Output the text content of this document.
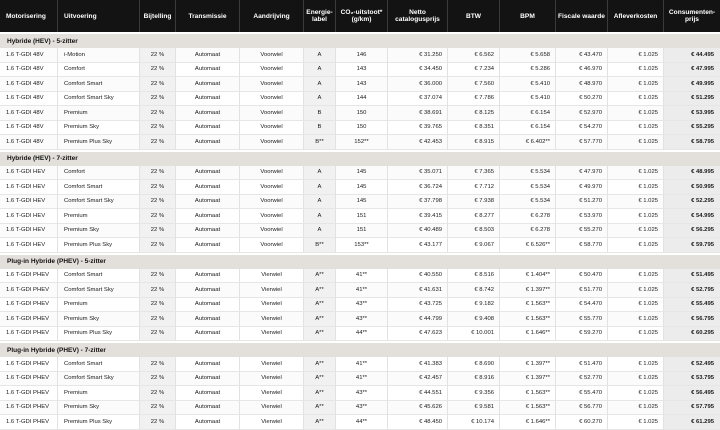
Motorisering	Uitvoering	Bijtelling	Transmissie	Aandrijving	Energie-label	CO₂-uitstoot* (g/km)	Netto catalogusprijs	BTW	BPM	Fiscale waarde	Afleverkosten	Consumenten-prijs
Hybride (HEV) - 5-zitter												
1.6 T-GDI 48V	i-Motion	22 %	Automaat	Voorwiel	A	146	€ 31.250	€ 6.562	€ 5.658	€ 43.470	€ 1.025	€ 44.495
1.6 T-GDI 48V	Comfort	22 %	Automaat	Voorwiel	A	143	€ 34.450	€ 7.234	€ 5.286	€ 46.970	€ 1.025	€ 47.995
1.6 T-GDI 48V	Comfort Smart	22 %	Automaat	Voorwiel	A	143	€ 36.000	€ 7.560	€ 5.410	€ 48.970	€ 1.025	€ 49.995
1.6 T-GDI 48V	Comfort Smart Sky	22 %	Automaat	Voorwiel	A	144	€ 37.074	€ 7.786	€ 5.410	€ 50.270	€ 1.025	€ 51.295
1.6 T-GDI 48V	Premium	22 %	Automaat	Voorwiel	B	150	€ 38.691	€ 8.125	€ 6.154	€ 52.970	€ 1.025	€ 53.995
1.6 T-GDI 48V	Premium Sky	22 %	Automaat	Voorwiel	B	150	€ 39.765	€ 8.351	€ 6.154	€ 54.270	€ 1.025	€ 55.295
1.6 T-GDI 48V	Premium Plus Sky	22 %	Automaat	Voorwiel	B**	152**	€ 42.453	€ 8.915	€ 6.402**	€ 57.770	€ 1.025	€ 58.795
Hybride (HEV) - 7-zitter												
1.6 T-GDI HEV	Comfort	22 %	Automaat	Voorwiel	A	145	€ 35.071	€ 7.365	€ 5.534	€ 47.970	€ 1.025	€ 48.995
1.6 T-GDI HEV	Comfort Smart	22 %	Automaat	Voorwiel	A	145	€ 36.724	€ 7.712	€ 5.534	€ 49.970	€ 1.025	€ 50.995
1.6 T-GDI HEV	Comfort Smart Sky	22 %	Automaat	Voorwiel	A	145	€ 37.798	€ 7.938	€ 5.534	€ 51.270	€ 1.025	€ 52.295
1.6 T-GDI HEV	Premium	22 %	Automaat	Voorwiel	A	151	€ 39.415	€ 8.277	€ 6.278	€ 53.970	€ 1.025	€ 54.995
1.6 T-GDI HEV	Premium Sky	22 %	Automaat	Voorwiel	A	151	€ 40.489	€ 8.503	€ 6.278	€ 55.270	€ 1.025	€ 56.295
1.6 T-GDI HEV	Premium Plus Sky	22 %	Automaat	Voorwiel	B**	153**	€ 43.177	€ 9.067	€ 6.526**	€ 58.770	€ 1.025	€ 59.795
Plug-in Hybride (PHEV) - 5-zitter												
1.6 T-GDI PHEV	Comfort Smart	22 %	Automaat	Vierwiel	A**	41**	€ 40.550	€ 8.516	€ 1.404**	€ 50.470	€ 1.025	€ 51.495
1.6 T-GDI PHEV	Comfort Smart Sky	22 %	Automaat	Vierwiel	A**	41**	€ 41.631	€ 8.742	€ 1.397**	€ 51.770	€ 1.025	€ 52.795
1.6 T-GDI PHEV	Premium	22 %	Automaat	Vierwiel	A**	43**	€ 43.725	€ 9.182	€ 1.563**	€ 54.470	€ 1.025	€ 55.495
1.6 T-GDI PHEV	Premium Sky	22 %	Automaat	Vierwiel	A**	43**	€ 44.799	€ 9.408	€ 1.563**	€ 55.770	€ 1.025	€ 56.795
1.6 T-GDI PHEV	Premium Plus Sky	22 %	Automaat	Vierwiel	A**	44**	€ 47.623	€ 10.001	€ 1.646**	€ 59.270	€ 1.025	€ 60.295
Plug-in Hybride (PHEV) - 7-zitter												
1.6 T-GDI PHEV	Comfort Smart	22 %	Automaat	Vierwiel	A**	41**	€ 41.383	€ 8.690	€ 1.397**	€ 51.470	€ 1.025	€ 52.495
1.6 T-GDI PHEV	Comfort Smart Sky	22 %	Automaat	Vierwiel	A**	41**	€ 42.457	€ 8.916	€ 1.397**	€ 52.770	€ 1.025	€ 53.795
1.6 T-GDI PHEV	Premium	22 %	Automaat	Vierwiel	A**	43**	€ 44.551	€ 9.356	€ 1.563**	€ 55.470	€ 1.025	€ 56.495
1.6 T-GDI PHEV	Premium Sky	22 %	Automaat	Vierwiel	A**	43**	€ 45.626	€ 9.581	€ 1.563**	€ 56.770	€ 1.025	€ 57.795
1.6 T-GDI PHEV	Premium Plus Sky	22 %	Automaat	Vierwiel	A**	44**	€ 48.450	€ 10.174	€ 1.646**	€ 60.270	€ 1.025	€ 61.295
